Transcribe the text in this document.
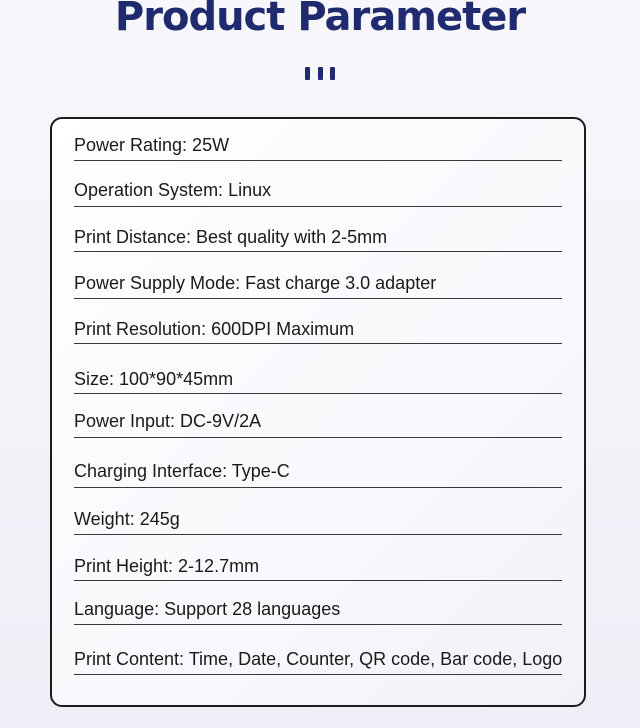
Product Parameter
Power Rating: 25W
Operation System: Linux
Print Distance: Best quality with 2-5mm
Power Supply Mode: Fast charge 3.0 adapter
Print Resolution: 600DPI Maximum
Size: 100*90*45mm
Power Input: DC-9V/2A
Charging Interface: Type-C
Weight: 245g
Print Height: 2-12.7mm
Language: Support 28 languages
Print Content: Time, Date, Counter, QR code, Bar code, Logo
